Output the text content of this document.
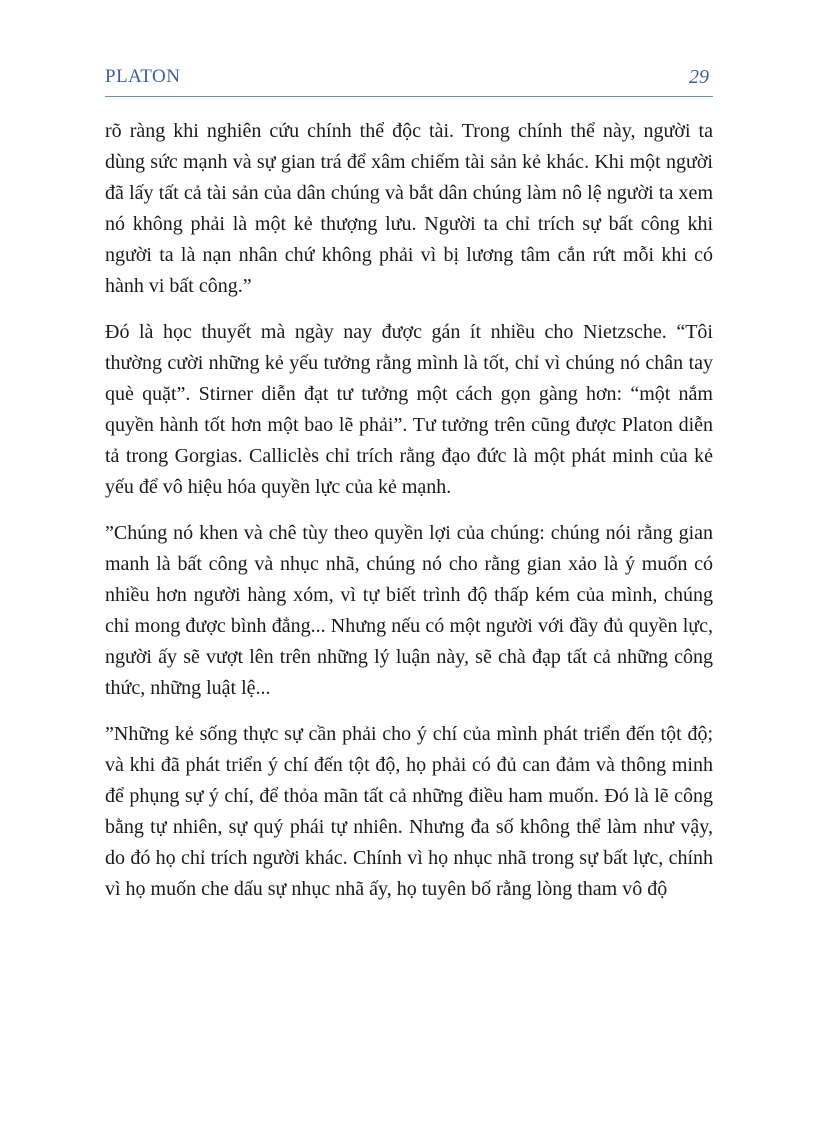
PLATON	29

rõ ràng khi nghiên cứu chính thể độc tài. Trong chính thể này, người ta dùng sức mạnh và sự gian trá để xâm chiếm tài sản kẻ khác. Khi một người đã lấy tất cả tài sản của dân chúng và bắt dân chúng làm nô lệ người ta xem nó không phải là một kẻ thượng lưu. Người ta chỉ trích sự bất công khi người ta là nạn nhân chứ không phải vì bị lương tâm cắn rứt mỗi khi có hành vi bất công.”

Đó là học thuyết mà ngày nay được gán ít nhiều cho Nietzsche. “Tôi thường cười những kẻ yếu tưởng rằng mình là tốt, chỉ vì chúng nó chân tay què quặt”. Stirner diễn đạt tư tưởng một cách gọn gàng hơn: “một nắm quyền hành tốt hơn một bao lẽ phải”. Tư tưởng trên cũng được Platon diễn tả trong Gorgias. Calliclès chỉ trích rằng đạo đức là một phát minh của kẻ yếu để vô hiệu hóa quyền lực của kẻ mạnh.

”Chúng nó khen và chê tùy theo quyền lợi của chúng: chúng nói rằng gian manh là bất công và nhục nhã, chúng nó cho rằng gian xảo là ý muốn có nhiều hơn người hàng xóm, vì tự biết trình độ thấp kém của mình, chúng chỉ mong được bình đẳng... Nhưng nếu có một người với đầy đủ quyền lực, người ấy sẽ vượt lên trên những lý luận này, sẽ chà đạp tất cả những công thức, những luật lệ...

”Những kẻ sống thực sự cần phải cho ý chí của mình phát triển đến tột độ; và khi đã phát triển ý chí đến tột độ, họ phải có đủ can đảm và thông minh để phụng sự ý chí, để thỏa mãn tất cả những điều ham muốn. Đó là lẽ công bằng tự nhiên, sự quý phái tự nhiên. Nhưng đa số không thể làm như vậy, do đó họ chỉ trích người khác. Chính vì họ nhục nhã trong sự bất lực, chính vì họ muốn che dấu sự nhục nhã ấy, họ tuyên bố rằng lòng tham vô độ
